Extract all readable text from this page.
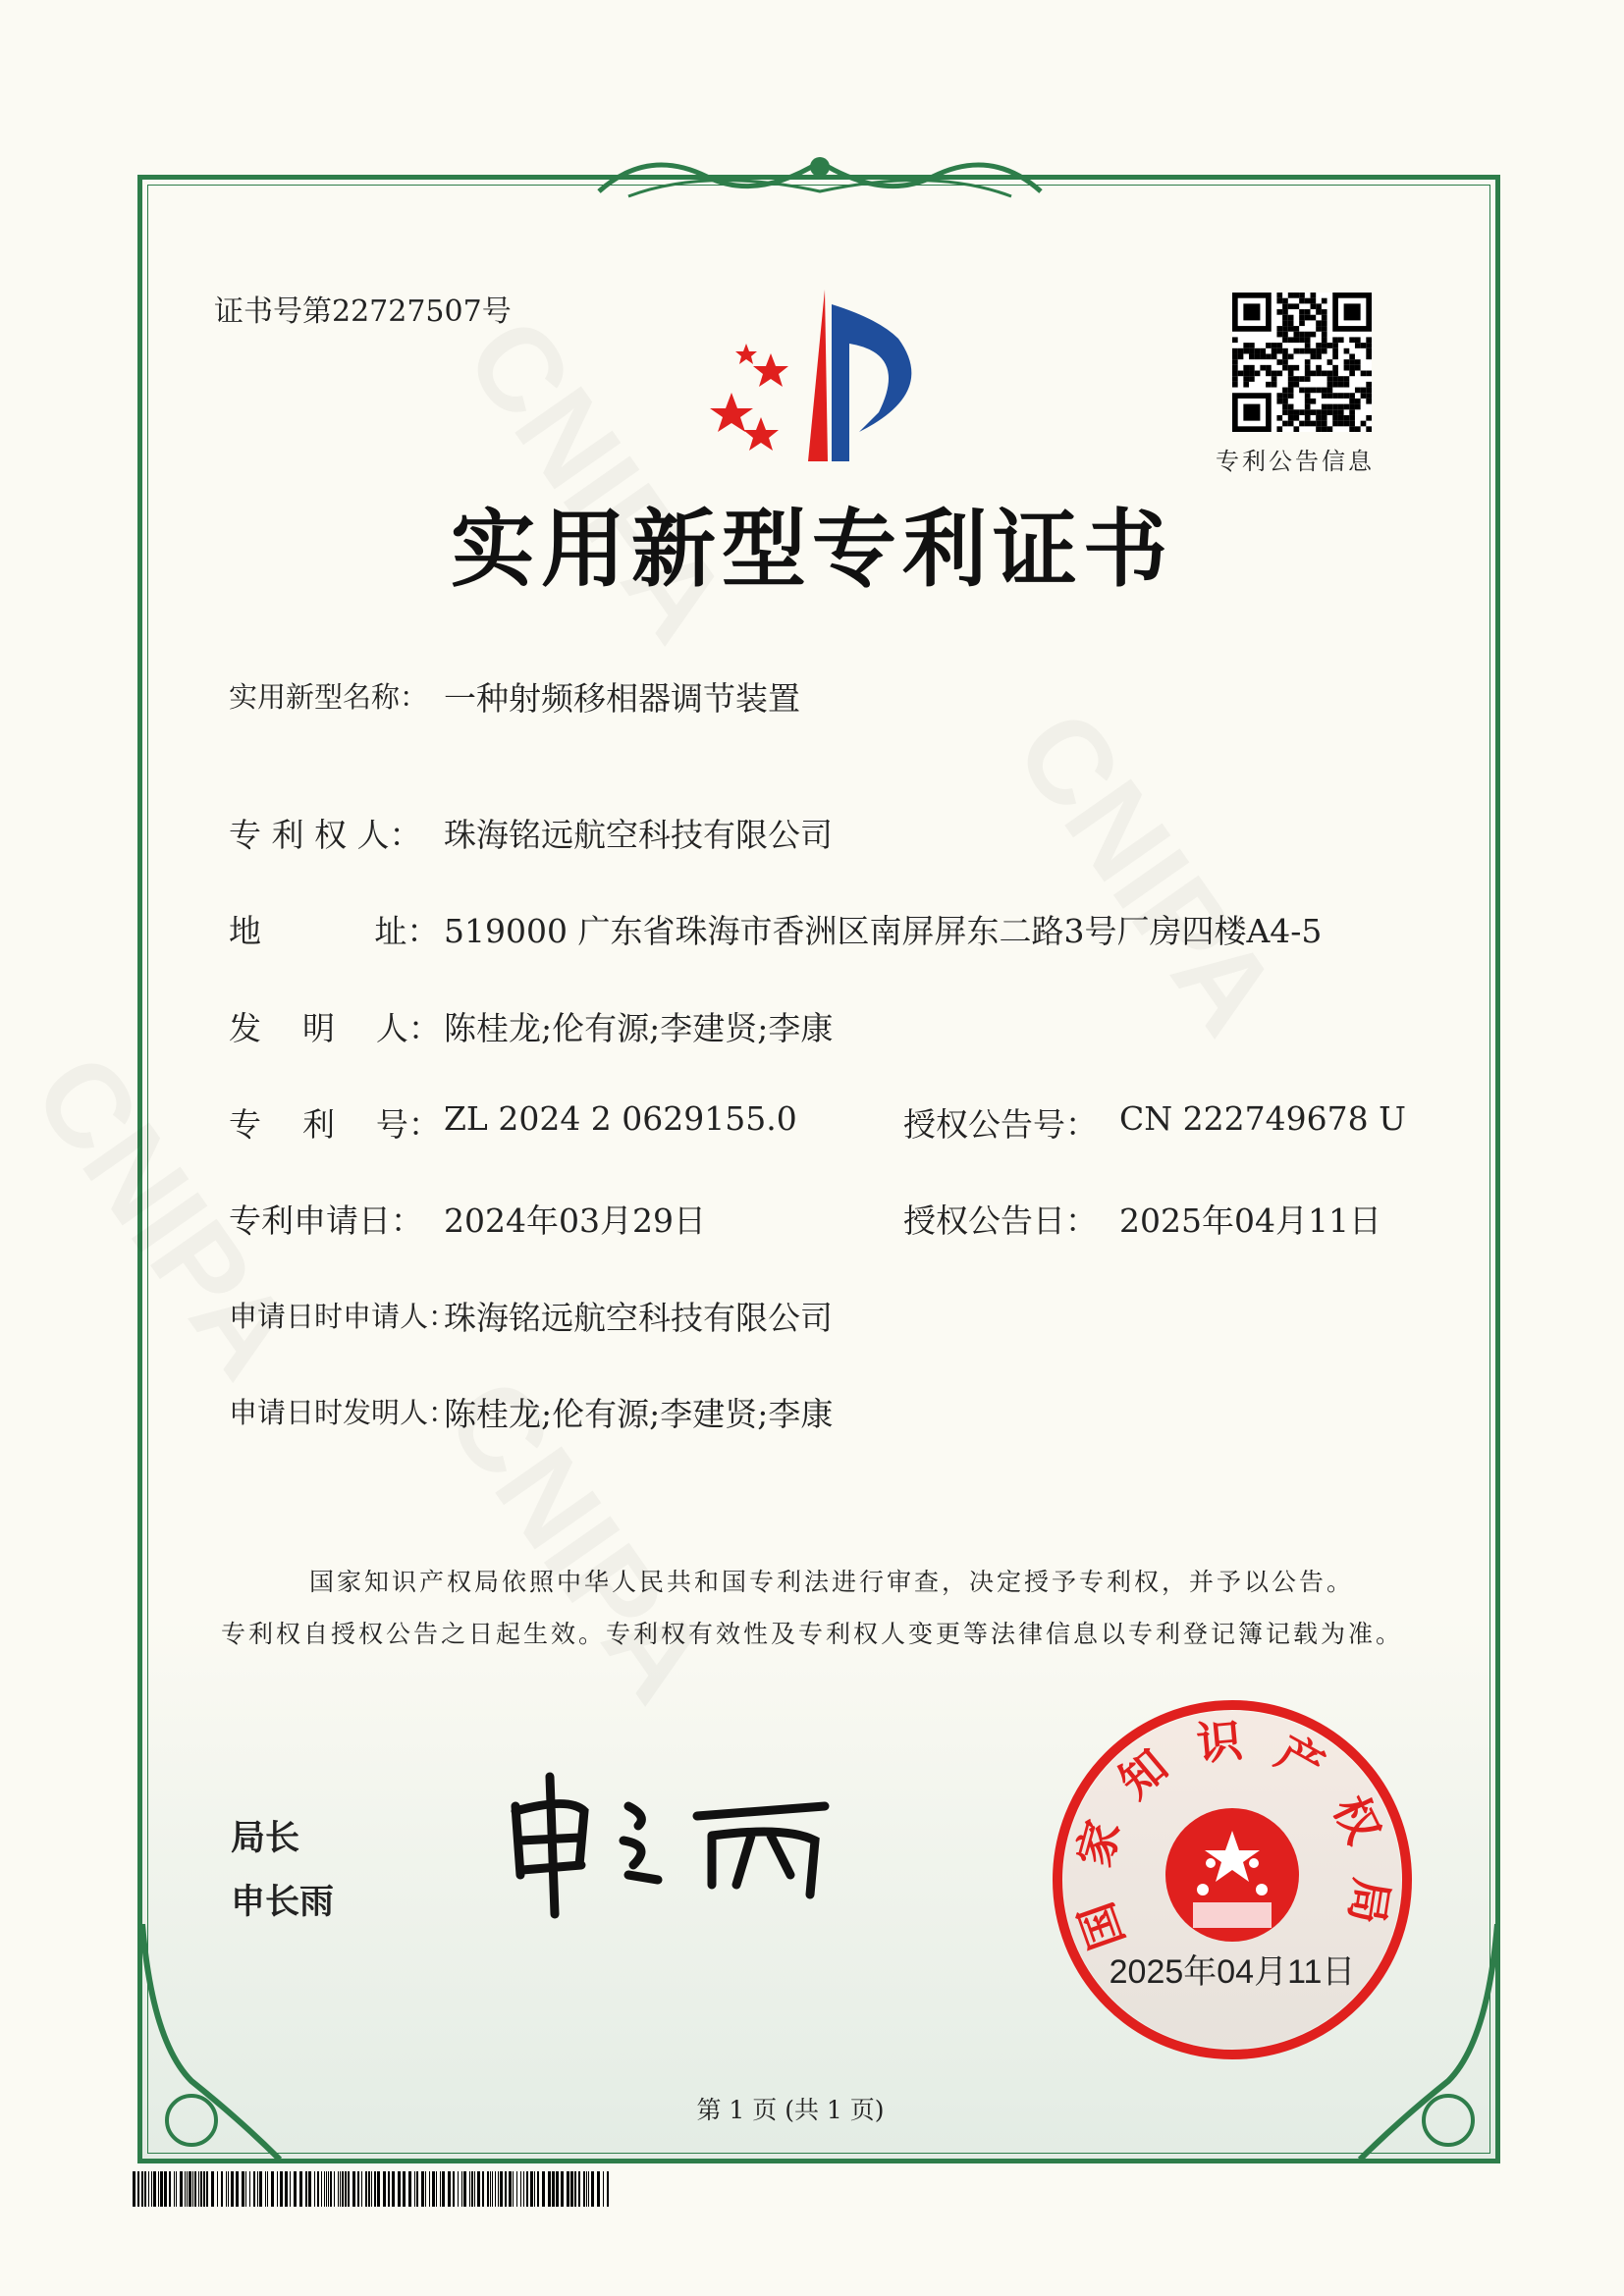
证书号第22727507号
专利公告信息
实用新型专利证书
实用新型名称： 一种射频移相器调节装置
专 利 权 人： 珠海铭远航空科技有限公司
地           址： 519000 广东省珠海市香洲区南屏屏东二路3号厂房四楼A4-5
发    明    人： 陈桂龙;伦有源;李建贤;李康
专    利    号： ZL 2024 2 0629155.0	授权公告号： CN 222749678 U
专利申请日： 2024年03月29日	授权公告日： 2025年04月11日
申请日时申请人：
珠海铭远航空科技有限公司
申请日时发明人：
陈桂龙;伦有源;李建贤;李康
国家知识产权局依照中华人民共和国专利法进行审查，决定授予专利权，并予以公告。
专利权自授权公告之日起生效。专利权有效性及专利权人变更等法律信息以专利登记簿记载为准。
局长
申长雨	国家知识产权局
2025年04月11日
第 1 页 (共 1 页)
